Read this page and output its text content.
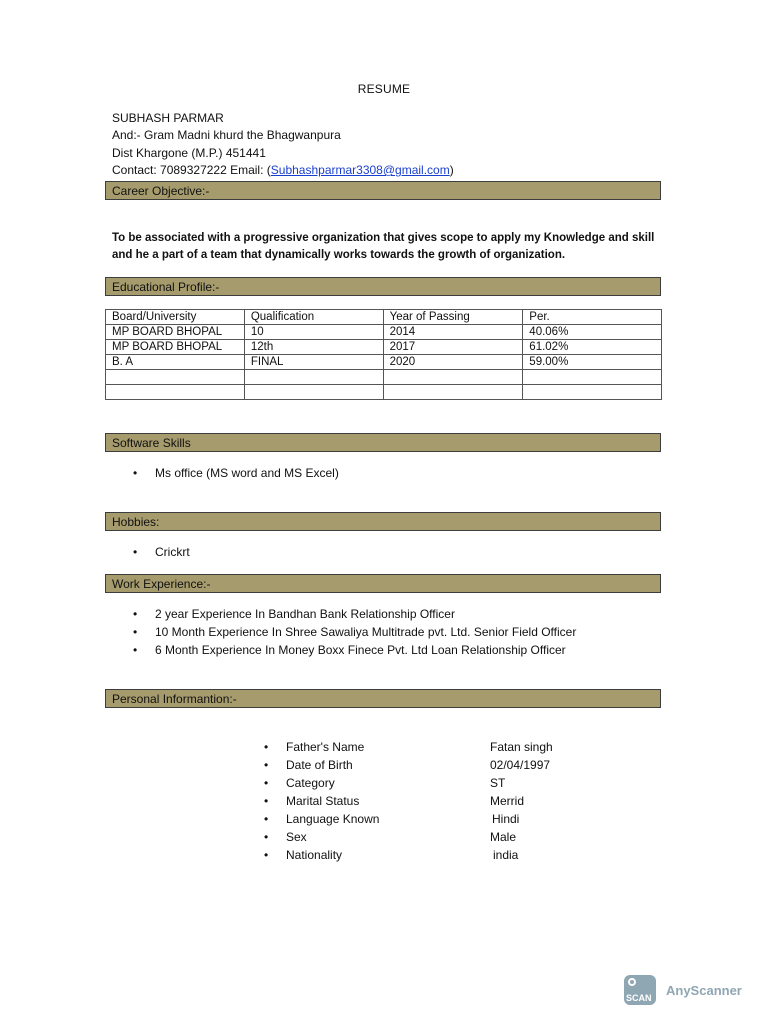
RESUME
SUBHASH PARMAR
And:- Gram Madni khurd the Bhagwanpura
Dist Khargone (M.P.) 451441
Contact: 7089327222 Email: (Subhashparmar3308@gmail.com)
Career Objective:-
To be associated with a progressive organization that gives scope to apply my Knowledge and skill and he a part of a team that dynamically works towards the growth of organization.
Educational Profile:-
Board/University	Qualification	Year of Passing	Per.
MP BOARD BHOPAL	10	2014	40.06%
MP BOARD BHOPAL	12th	2017	61.02%
B. A	FINAL	2020	59.00%

Software Skills
• Ms office (MS word and MS Excel)
Hobbies:
• Crickrt
Work Experience:-
• 2 year Experience In Bandhan Bank Relationship Officer
• 10 Month Experience In Shree Sawaliya Multitrade pvt. Ltd. Senior Field Officer
• 6 Month Experience In Money Boxx Finece Pvt. Ltd Loan Relationship Officer
Personal Informantion:-
• Father's Name	Fatan singh
• Date of Birth	02/04/1997
• Category	ST
• Marital Status	Merrid
• Language Known	Hindi
• Sex	Male
• Nationality	india
SCAN
AnyScanner
